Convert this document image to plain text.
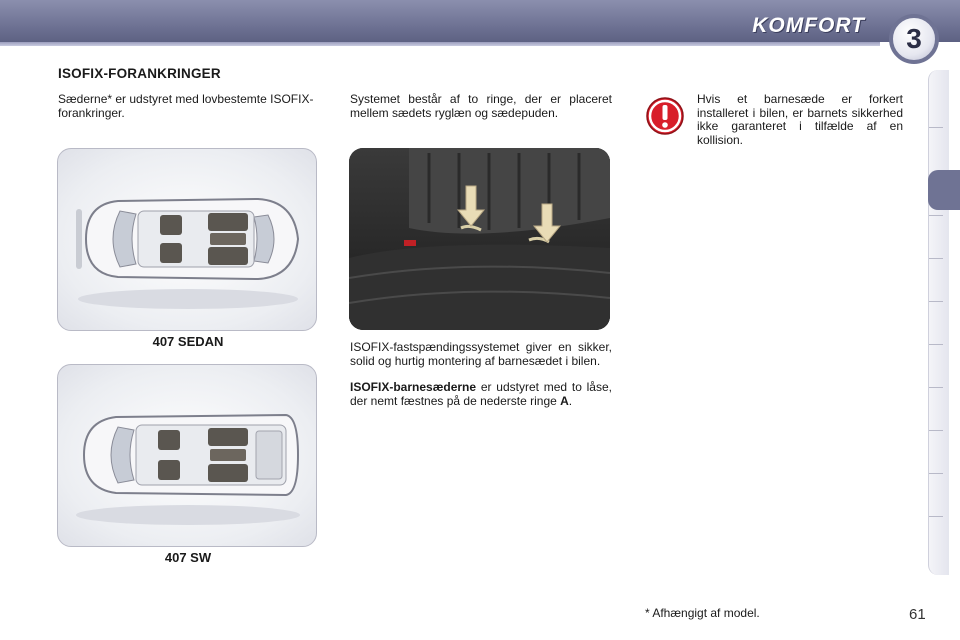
KOMFORT	3
ISOFIX-FORANKRINGER

Sæderne* er udstyret med lovbestemte ISOFIX-forankringer.

407 SEDAN
407 SW

Systemet består af to ringe, der er placeret mellem sædets ryglæn og sædepuden.

ISOFIX-fastspændingssystemet giver en sikker, solid og hurtig montering af barnesædet i bilen.

ISOFIX-barnesæderne er udstyret med to låse, der nemt fæstnes på de nederste ringe A.

Hvis et barnesæde er forkert installeret i bilen, er barnets sikkerhed ikke garanteret i tilfælde af en kollision.

* Afhængigt af model.	61
